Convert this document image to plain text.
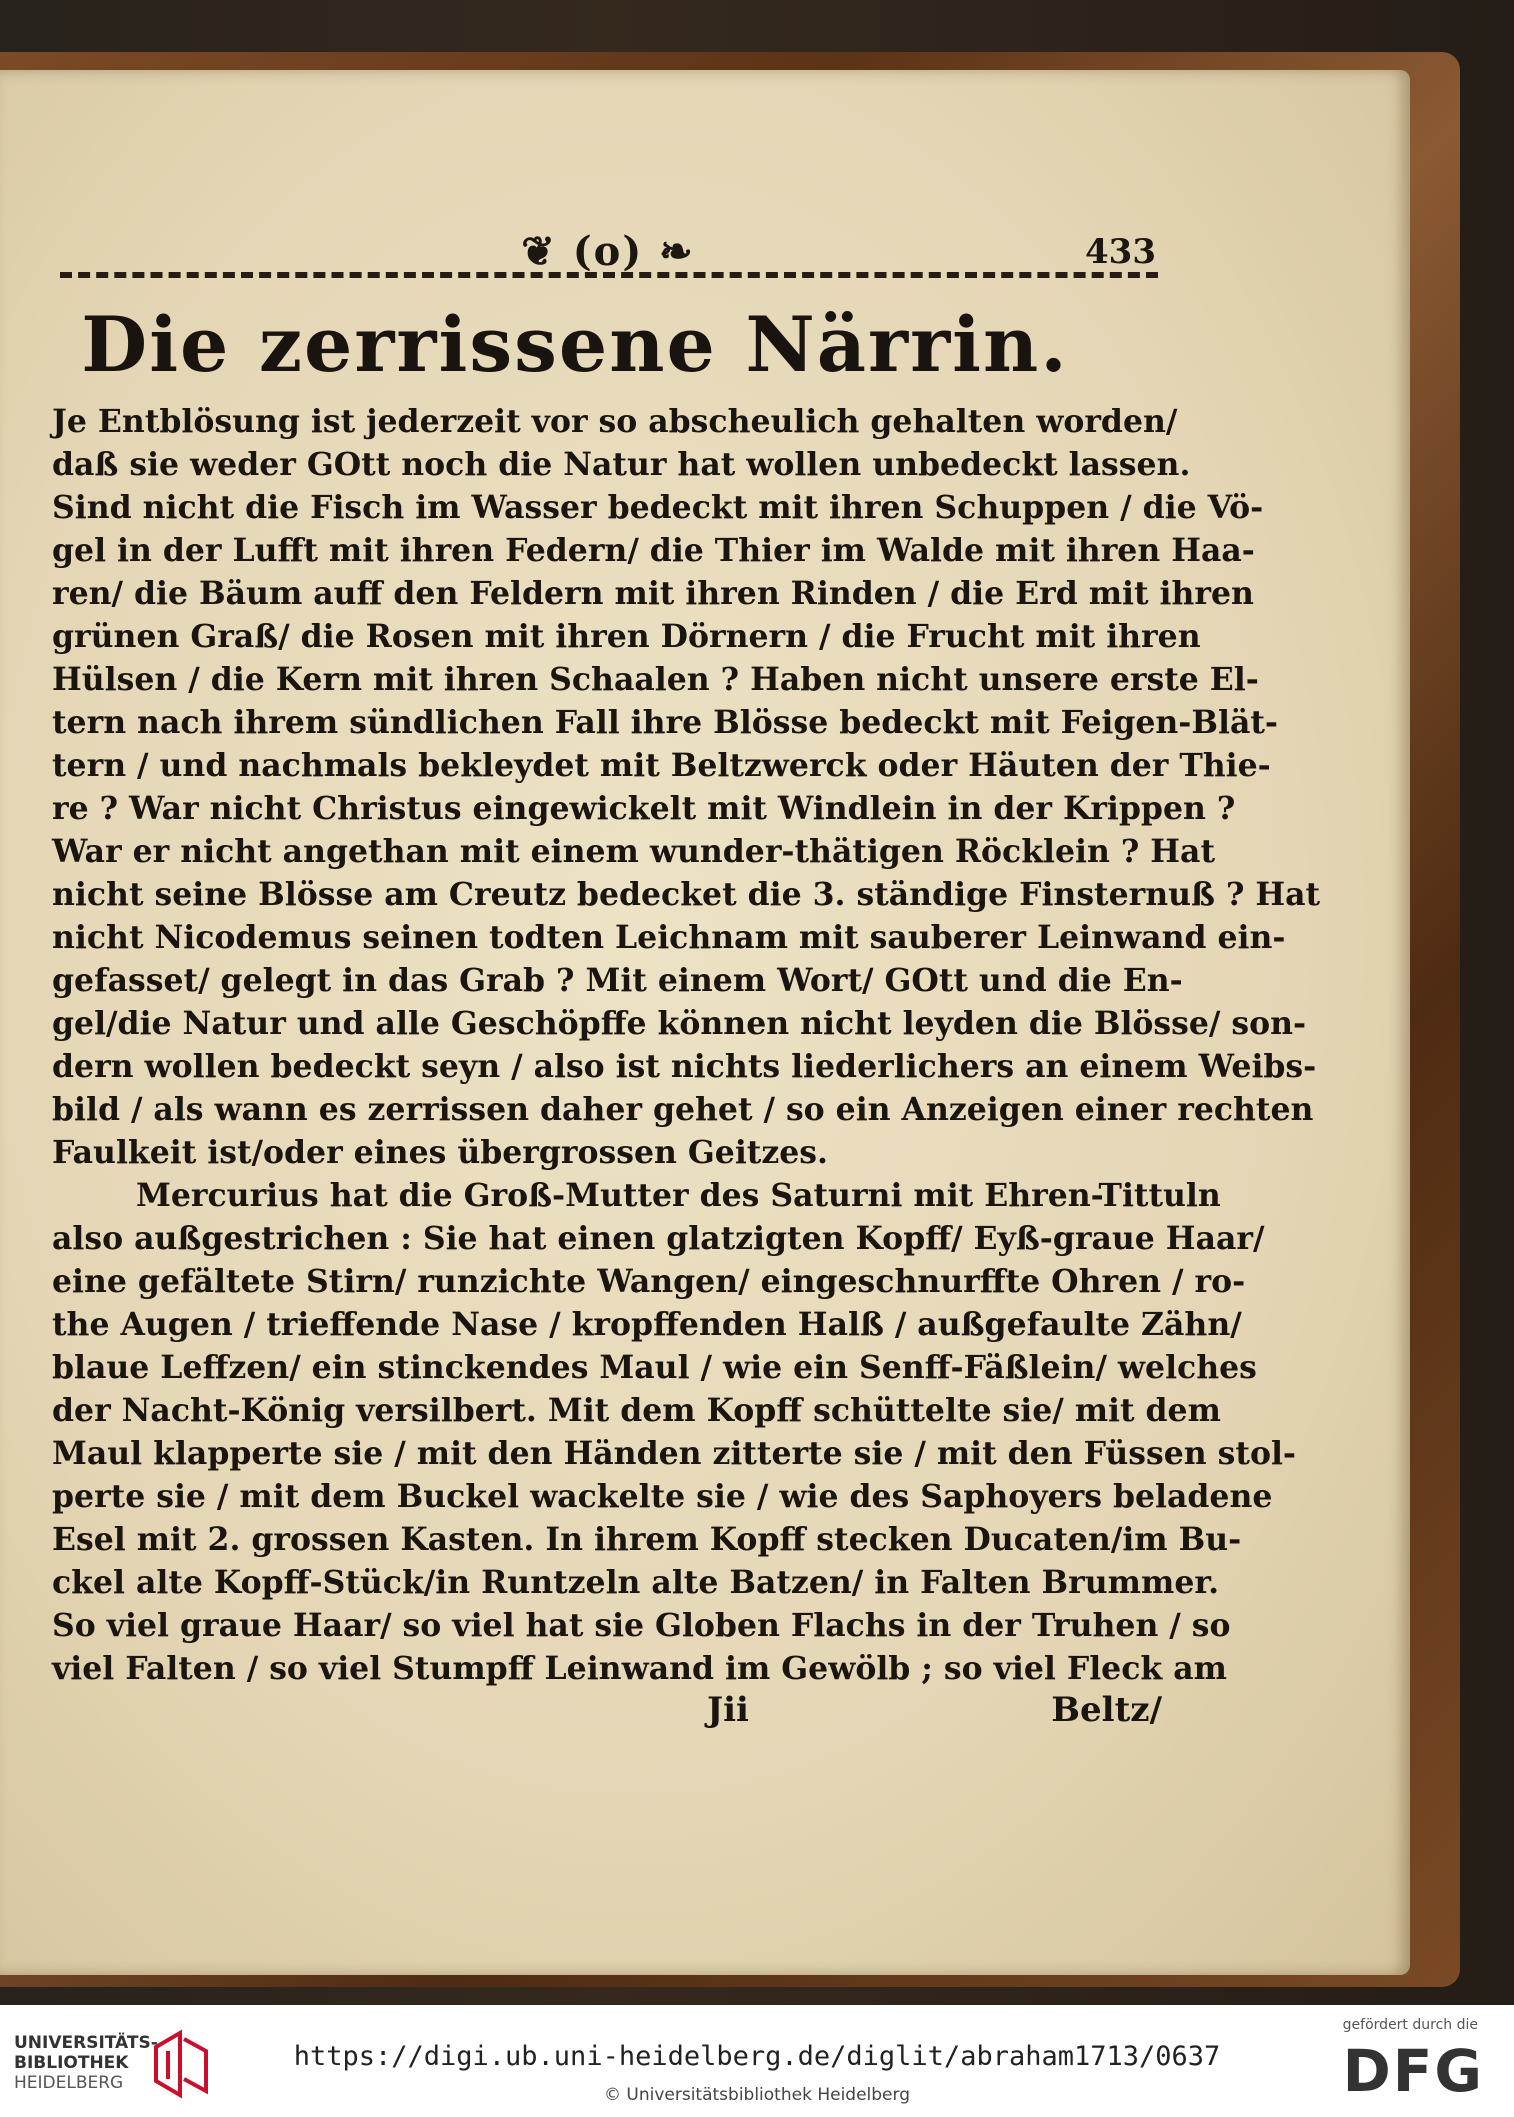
❦ (o) ❧	433
Die zerrissene Närrin.
Je Entblösung ist jederzeit vor so abscheulich gehalten worden/
daß sie weder GOtt noch die Natur hat wollen unbedeckt lassen.
Sind nicht die Fisch im Wasser bedeckt mit ihren Schuppen / die Vö-
gel in der Lufft mit ihren Federn/ die Thier im Walde mit ihren Haa-
ren/ die Bäum auff den Feldern mit ihren Rinden / die Erd mit ihren
grünen Graß/ die Rosen mit ihren Dörnern / die Frucht mit ihren
Hülsen / die Kern mit ihren Schaalen ? Haben nicht unsere erste El-
tern nach ihrem sündlichen Fall ihre Blösse bedeckt mit Feigen-Blät-
tern / und nachmals bekleydet mit Beltzwerck oder Häuten der Thie-
re ? War nicht Christus eingewickelt mit Windlein in der Krippen ?
War er nicht angethan mit einem wunder-thätigen Röcklein ? Hat
nicht seine Blösse am Creutz bedecket die 3. ständige Finsternuß ? Hat
nicht Nicodemus seinen todten Leichnam mit sauberer Leinwand ein-
gefasset/ gelegt in das Grab ? Mit einem Wort/ GOtt und die En-
gel/die Natur und alle Geschöpffe können nicht leyden die Blösse/ son-
dern wollen bedeckt seyn / also ist nichts liederlichers an einem Weibs-
bild / als wann es zerrissen daher gehet / so ein Anzeigen einer rechten
Faulkeit ist/oder eines übergrossen Geitzes.
Mercurius hat die Groß-Mutter des Saturni mit Ehren-Tittuln
also außgestrichen : Sie hat einen glatzigten Kopff/ Eyß-graue Haar/
eine gefältete Stirn/ runzichte Wangen/ eingeschnurffte Ohren / ro-
the Augen / trieffende Nase / kropffenden Halß / außgefaulte Zähn/
blaue Leffzen/ ein stinckendes Maul / wie ein Senff-Fäßlein/ welches
der Nacht-König versilbert. Mit dem Kopff schüttelte sie/ mit dem
Maul klapperte sie / mit den Händen zitterte sie / mit den Füssen stol-
perte sie / mit dem Buckel wackelte sie / wie des Saphoyers beladene
Esel mit 2. grossen Kasten. In ihrem Kopff stecken Ducaten/im Bu-
ckel alte Kopff-Stück/in Runtzeln alte Batzen/ in Falten Brummer.
So viel graue Haar/ so viel hat sie Globen Flachs in der Truhen / so
viel Falten / so viel Stumpff Leinwand im Gewölb ; so viel Fleck am
Jii	Beltz/
UNIVERSITÄTS-
BIBLIOTHEK
HEIDELBERG
https://digi.ub.uni-heidelberg.de/diglit/abraham1713/0637
© Universitätsbibliothek Heidelberg
gefördert durch die
DFG
